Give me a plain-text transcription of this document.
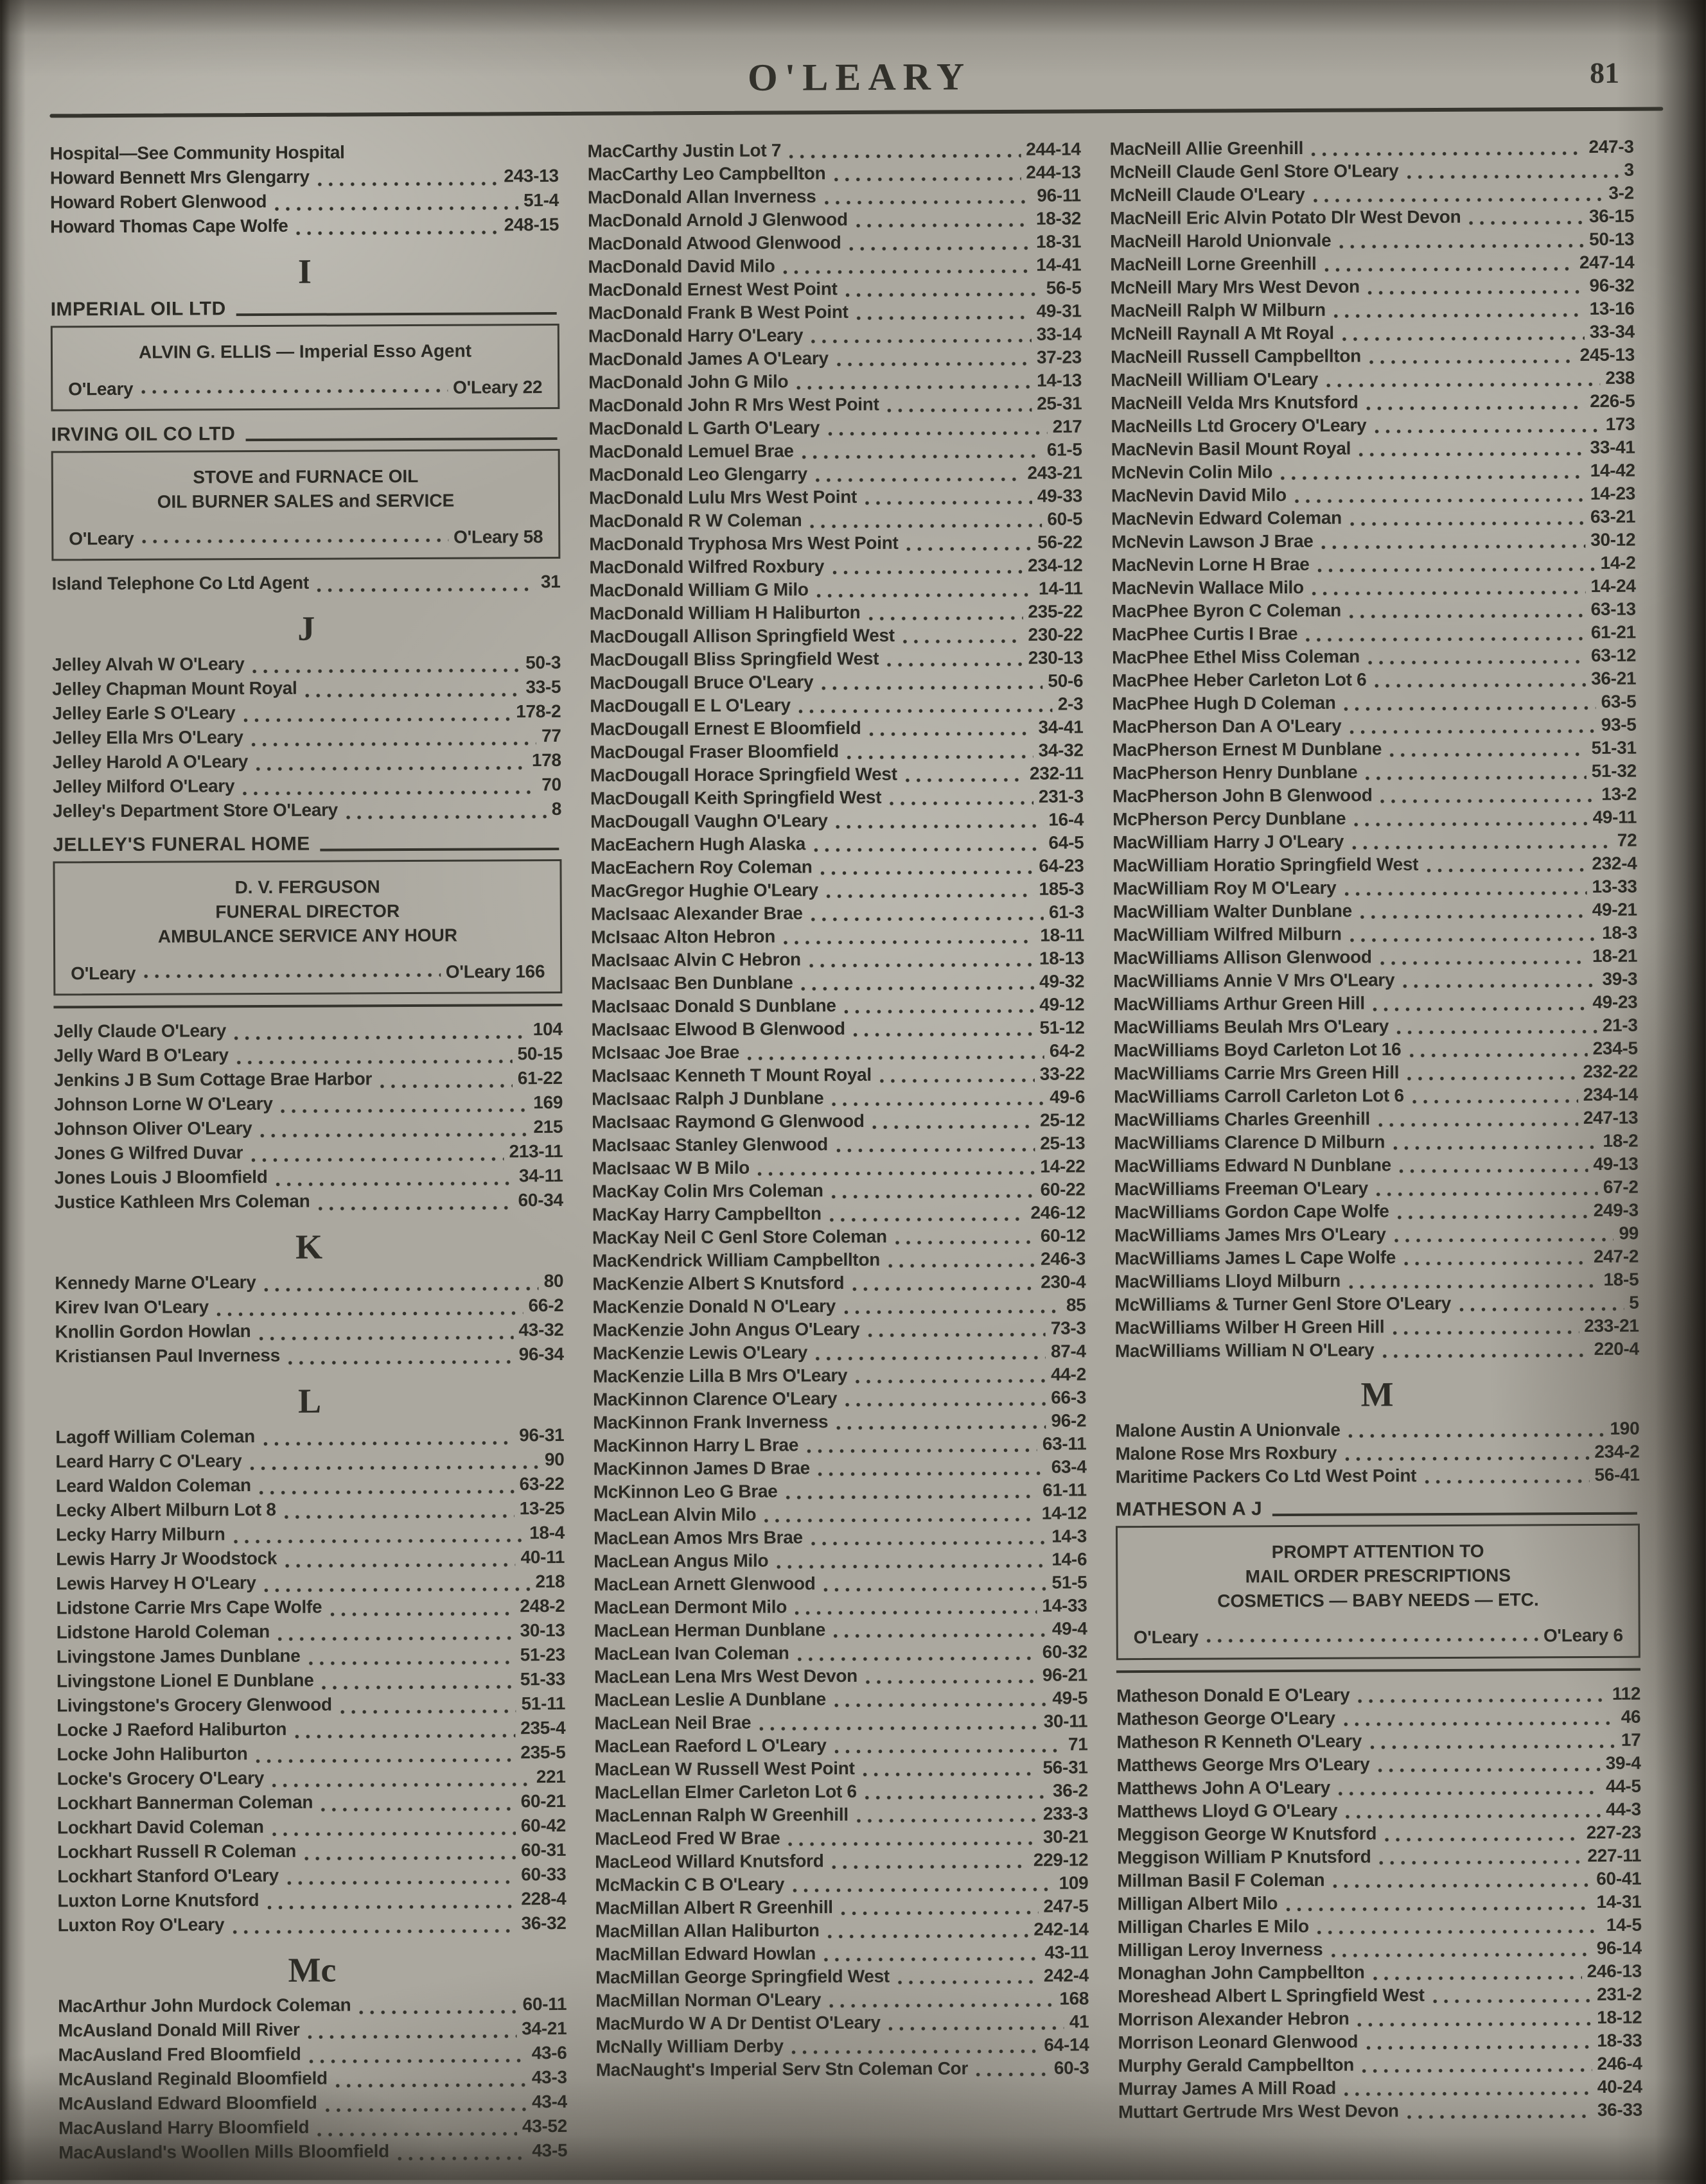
O'LEARY	81
Hospital—See Community Hospital
Howard Bennett Mrs Glengarry	243-13
Howard Robert Glenwood	51-4
Howard Thomas Cape Wolfe	248-15
I
IMPERIAL OIL LTD
ALVIN G. ELLIS — Imperial Esso Agent
O'Leary	O'Leary 22
IRVING OIL CO LTD
STOVE and FURNACE OIL
OIL BURNER SALES and SERVICE
O'Leary	O'Leary 58
Island Telephone Co Ltd Agent	31
J
Jelley Alvah W O'Leary	50-3
Jelley Chapman Mount Royal	33-5
Jelley Earle S O'Leary	178-2
Jelley Ella Mrs O'Leary	77
Jelley Harold A O'Leary	178
Jelley Milford O'Leary	70
Jelley's Department Store O'Leary	8
JELLEY'S FUNERAL HOME
D. V. FERGUSON
FUNERAL DIRECTOR
AMBULANCE SERVICE ANY HOUR
O'Leary	O'Leary 166
Jelly Claude O'Leary	104
Jelly Ward B O'Leary	50-15
Jenkins J B Sum Cottage Brae Harbor	61-22
Johnson Lorne W O'Leary	169
Johnson Oliver O'Leary	215
Jones G Wilfred Duvar	213-11
Jones Louis J Bloomfield	34-11
Justice Kathleen Mrs Coleman	60-34
K
Kennedy Marne O'Leary	80
Kirev Ivan O'Leary	66-2
Knollin Gordon Howlan	43-32
Kristiansen Paul Inverness	96-34
L
Lagoff William Coleman	96-31
Leard Harry C O'Leary	90
Leard Waldon Coleman	63-22
Lecky Albert Milburn Lot 8	13-25
Lecky Harry Milburn	18-4
Lewis Harry Jr Woodstock	40-11
Lewis Harvey H O'Leary	218
Lidstone Carrie Mrs Cape Wolfe	248-2
Lidstone Harold Coleman	30-13
Livingstone James Dunblane	51-23
Livingstone Lionel E Dunblane	51-33
Livingstone's Grocery Glenwood	51-11
Locke J Raeford Haliburton	235-4
Locke John Haliburton	235-5
Locke's Grocery O'Leary	221
Lockhart Bannerman Coleman	60-21
Lockhart David Coleman	60-42
Lockhart Russell R Coleman	60-31
Lockhart Stanford O'Leary	60-33
Luxton Lorne Knutsford	228-4
Luxton Roy O'Leary	36-32
Mc
MacArthur John Murdock Coleman	60-11
McAusland Donald Mill River	34-21
MacAusland Fred Bloomfield	43-6
McAusland Reginald Bloomfield	43-3
McAusland Edward Bloomfield	43-4
MacAusland Harry Bloomfield	43-52
MacAusland's Woollen Mills Bloomfield	43-5
MacCarthy Justin Lot 7	244-14
MacCarthy Leo Campbellton	244-13
MacDonald Allan Inverness	96-11
MacDonald Arnold J Glenwood	18-32
MacDonald Atwood Glenwood	18-31
MacDonald David Milo	14-41
MacDonald Ernest West Point	56-5
MacDonald Frank B West Point	49-31
MacDonald Harry O'Leary	33-14
MacDonald James A O'Leary	37-23
MacDonald John G Milo	14-13
MacDonald John R Mrs West Point	25-31
MacDonald L Garth O'Leary	217
MacDonald Lemuel Brae	61-5
MacDonald Leo Glengarry	243-21
MacDonald Lulu Mrs West Point	49-33
MacDonald R W Coleman	60-5
MacDonald Tryphosa Mrs West Point	56-22
MacDonald Wilfred Roxbury	234-12
MacDonald William G Milo	14-11
MacDonald William H Haliburton	235-22
MacDougall Allison Springfield West	230-22
MacDougall Bliss Springfield West	230-13
MacDougall Bruce O'Leary	50-6
MacDougall E L O'Leary	2-3
MacDougall Ernest E Bloomfield	34-41
MacDougal Fraser Bloomfield	34-32
MacDougall Horace Springfield West	232-11
MacDougall Keith Springfield West	231-3
MacDougall Vaughn O'Leary	16-4
MacEachern Hugh Alaska	64-5
MacEachern Roy Coleman	64-23
MacGregor Hughie O'Leary	185-3
MacIsaac Alexander Brae	61-3
McIsaac Alton Hebron	18-11
MacIsaac Alvin C Hebron	18-13
MacIsaac Ben Dunblane	49-32
MacIsaac Donald S Dunblane	49-12
MacIsaac Elwood B Glenwood	51-12
McIsaac Joe Brae	64-2
MacIsaac Kenneth T Mount Royal	33-22
MacIsaac Ralph J Dunblane	49-6
MacIsaac Raymond G Glenwood	25-12
MacIsaac Stanley Glenwood	25-13
MacIsaac W B Milo	14-22
MacKay Colin Mrs Coleman	60-22
MacKay Harry Campbellton	246-12
MacKay Neil C Genl Store Coleman	60-12
MacKendrick William Campbellton	246-3
MacKenzie Albert S Knutsford	230-4
MacKenzie Donald N O'Leary	85
MacKenzie John Angus O'Leary	73-3
MacKenzie Lewis O'Leary	87-4
MacKenzie Lilla B Mrs O'Leary	44-2
MacKinnon Clarence O'Leary	66-3
MacKinnon Frank Inverness	96-2
MacKinnon Harry L Brae	63-11
MacKinnon James D Brae	63-4
McKinnon Leo G Brae	61-11
MacLean Alvin Milo	14-12
MacLean Amos Mrs Brae	14-3
MacLean Angus Milo	14-6
MacLean Arnett Glenwood	51-5
MacLean Dermont Milo	14-33
MacLean Herman Dunblane	49-4
MacLean Ivan Coleman	60-32
MacLean Lena Mrs West Devon	96-21
MacLean Leslie A Dunblane	49-5
MacLean Neil Brae	30-11
MacLean Raeford L O'Leary	71
MacLean W Russell West Point	56-31
MacLellan Elmer Carleton Lot 6	36-2
MacLennan Ralph W Greenhill	233-3
MacLeod Fred W Brae	30-21
MacLeod Willard Knutsford	229-12
McMackin C B O'Leary	109
MacMillan Albert R Greenhill	247-5
MacMillan Allan Haliburton	242-14
MacMillan Edward Howlan	43-11
MacMillan George Springfield West	242-4
MacMillan Norman O'Leary	168
MacMurdo W A Dr Dentist O'Leary	41
McNally William Derby	64-14
MacNaught's Imperial Serv Stn Coleman Cor	60-3
MacNeill Allie Greenhill	247-3
McNeill Claude Genl Store O'Leary	3
McNeill Claude O'Leary	3-2
MacNeill Eric Alvin Potato Dlr West Devon	36-15
MacNeill Harold Unionvale	50-13
MacNeill Lorne Greenhill	247-14
McNeill Mary Mrs West Devon	96-32
MacNeill Ralph W Milburn	13-16
McNeill Raynall A Mt Royal	33-34
MacNeill Russell Campbellton	245-13
MacNeill William O'Leary	238
MacNeill Velda Mrs Knutsford	226-5
MacNeills Ltd Grocery O'Leary	173
MacNevin Basil Mount Royal	33-41
McNevin Colin Milo	14-42
MacNevin David Milo	14-23
MacNevin Edward Coleman	63-21
McNevin Lawson J Brae	30-12
MacNevin Lorne H Brae	14-2
MacNevin Wallace Milo	14-24
MacPhee Byron C Coleman	63-13
MacPhee Curtis I Brae	61-21
MacPhee Ethel Miss Coleman	63-12
MacPhee Heber Carleton Lot 6	36-21
MacPhee Hugh D Coleman	63-5
MacPherson Dan A O'Leary	93-5
MacPherson Ernest M Dunblane	51-31
MacPherson Henry Dunblane	51-32
MacPherson John B Glenwood	13-2
McPherson Percy Dunblane	49-11
MacWilliam Harry J O'Leary	72
MacWilliam Horatio Springfield West	232-4
MacWilliam Roy M O'Leary	13-33
MacWilliam Walter Dunblane	49-21
MacWilliam Wilfred Milburn	18-3
MacWilliams Allison Glenwood	18-21
MacWilliams Annie V Mrs O'Leary	39-3
MacWilliams Arthur Green Hill	49-23
MacWilliams Beulah Mrs O'Leary	21-3
MacWilliams Boyd Carleton Lot 16	234-5
MacWilliams Carrie Mrs Green Hill	232-22
MacWilliams Carroll Carleton Lot 6	234-14
MacWilliams Charles Greenhill	247-13
MacWilliams Clarence D Milburn	18-2
MacWilliams Edward N Dunblane	49-13
MacWilliams Freeman O'Leary	67-2
MacWilliams Gordon Cape Wolfe	249-3
MacWilliams James Mrs O'Leary	99
MacWilliams James L Cape Wolfe	247-2
MacWilliams Lloyd Milburn	18-5
McWilliams & Turner Genl Store O'Leary	5
MacWilliams Wilber H Green Hill	233-21
MacWilliams William N O'Leary	220-4
M
Malone Austin A Unionvale	190
Malone Rose Mrs Roxbury	234-2
Maritime Packers Co Ltd West Point	56-41
MATHESON A J
PROMPT ATTENTION TO
MAIL ORDER PRESCRIPTIONS
COSMETICS — BABY NEEDS — ETC.
O'Leary	O'Leary 6
Matheson Donald E O'Leary	112
Matheson George O'Leary	46
Matheson R Kenneth O'Leary	17
Matthews George Mrs O'Leary	39-4
Matthews John A O'Leary	44-5
Matthews Lloyd G O'Leary	44-3
Meggison George W Knutsford	227-23
Meggison William P Knutsford	227-11
Millman Basil F Coleman	60-41
Milligan Albert Milo	14-31
Milligan Charles E Milo	14-5
Milligan Leroy Inverness	96-14
Monaghan John Campbellton	246-13
Moreshead Albert L Springfield West	231-2
Morrison Alexander Hebron	18-12
Morrison Leonard Glenwood	18-33
Murphy Gerald Campbellton	246-4
Murray James A Mill Road	40-24
Muttart Gertrude Mrs West Devon	36-33
